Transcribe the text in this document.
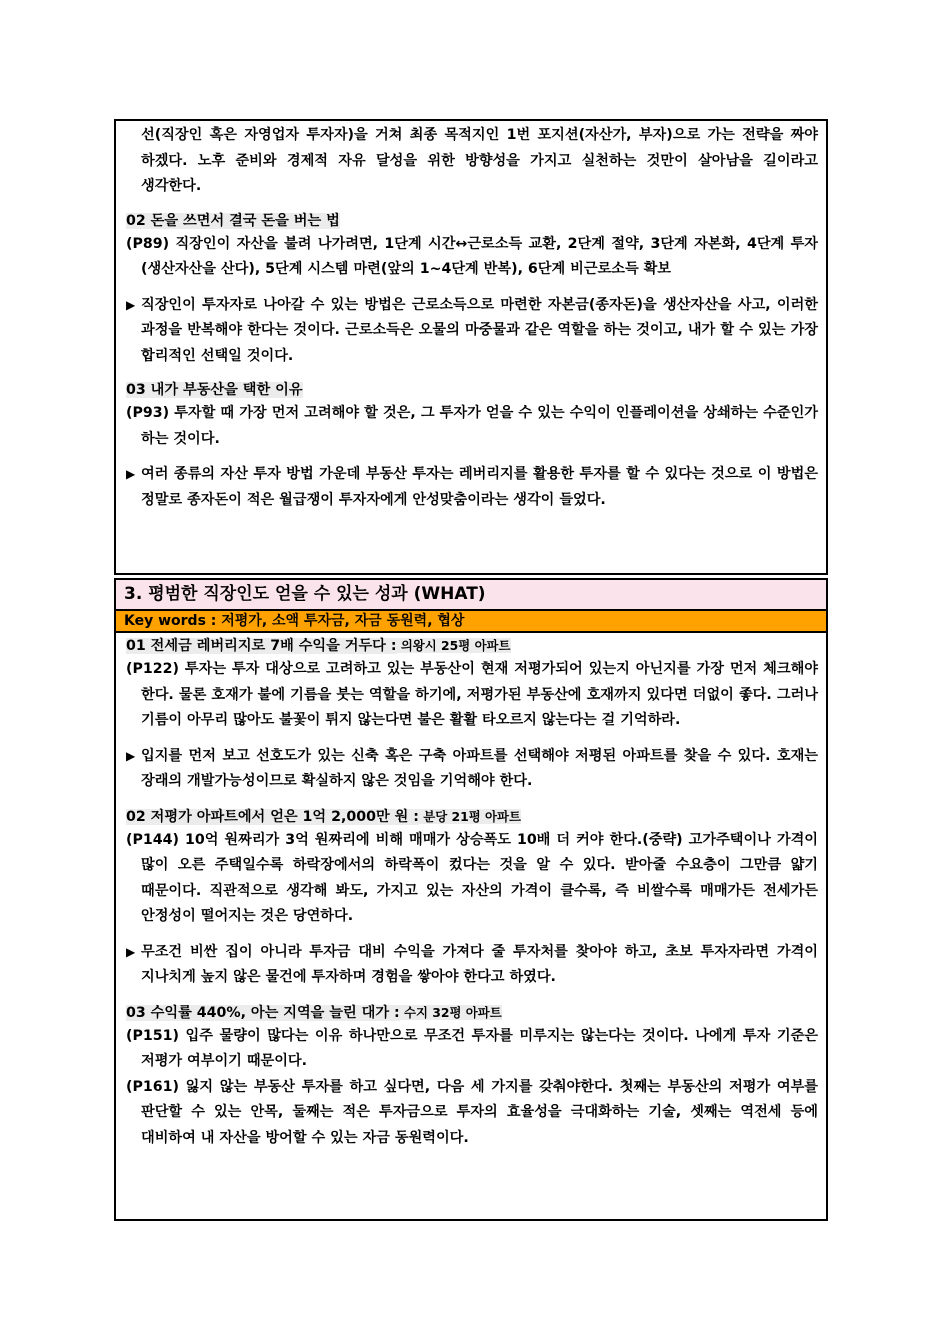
선(직장인 혹은 자영업자 투자자)을 거쳐 최종 목적지인 1번 포지션(자산가, 부자)으로 가는 전략을 짜야 하겠다. 노후 준비와 경제적 자유 달성을 위한 방향성을 가지고 실천하는 것만이 살아남을 길이라고 생각한다.
02 돈을 쓰면서 결국 돈을 버는 법
(P89) 직장인이 자산을 불려 나가려면, 1단계 시간↔근로소득 교환, 2단계 절약, 3단계 자본화, 4단계 투자(생산자산을 산다), 5단계 시스템 마련(앞의 1~4단계 반복), 6단계 비근로소득 확보
▶ 직장인이 투자자로 나아갈 수 있는 방법은 근로소득으로 마련한 자본금(종자돈)을 생산자산을 사고, 이러한 과정을 반복해야 한다는 것이다. 근로소득은 오물의 마중물과 같은 역할을 하는 것이고, 내가 할 수 있는 가장 합리적인 선택일 것이다.
03 내가 부동산을 택한 이유
(P93) 투자할 때 가장 먼저 고려해야 할 것은, 그 투자가 얻을 수 있는 수익이 인플레이션을 상쇄하는 수준인가 하는 것이다.
▶ 여러 종류의 자산 투자 방법 가운데 부동산 투자는 레버리지를 활용한 투자를 할 수 있다는 것으로 이 방법은 정말로 종자돈이 적은 월급쟁이 투자자에게 안성맞춤이라는 생각이 들었다.
3. 평범한 직장인도 얻을 수 있는 성과 (WHAT)
Key words : 저평가, 소액 투자금, 자금 동원력, 협상
01 전세금 레버리지로 7배 수익을 거두다 : 의왕시 25평 아파트
(P122) 투자는 투자 대상으로 고려하고 있는 부동산이 현재 저평가되어 있는지 아닌지를 가장 먼저 체크해야 한다. 물론 호재가 불에 기름을 붓는 역할을 하기에, 저평가된 부동산에 호재까지 있다면 더없이 좋다. 그러나 기름이 아무리 많아도 불꽃이 튀지 않는다면 불은 활활 타오르지 않는다는 걸 기억하라.
▶ 입지를 먼저 보고 선호도가 있는 신축 혹은 구축 아파트를 선택해야 저평된 아파트를 찾을 수 있다. 호재는 장래의 개발가능성이므로 확실하지 않은 것임을 기억해야 한다.
02 저평가 아파트에서 얻은 1억 2,000만 원 : 분당 21평 아파트
(P144) 10억 원짜리가 3억 원짜리에 비해 매매가 상승폭도 10배 더 커야 한다.(중략) 고가주택이나 가격이 많이 오른 주택일수록 하락장에서의 하락폭이 컸다는 것을 알 수 있다. 받아줄 수요층이 그만큼 얇기 때문이다. 직관적으로 생각해 봐도, 가지고 있는 자산의 가격이 클수록, 즉 비쌀수록 매매가든 전세가든 안정성이 떨어지는 것은 당연하다.
▶ 무조건 비싼 집이 아니라 투자금 대비 수익을 가져다 줄 투자처를 찾아야 하고, 초보 투자자라면 가격이 지나치게 높지 않은 물건에 투자하며 경험을 쌓아야 한다고 하였다.
03 수익률 440%, 아는 지역을 늘린 대가 : 수지 32평 아파트
(P151) 입주 물량이 많다는 이유 하나만으로 무조건 투자를 미루지는 않는다는 것이다. 나에게 투자 기준은 저평가 여부이기 때문이다.
(P161) 잃지 않는 부동산 투자를 하고 싶다면, 다음 세 가지를 갖춰야한다. 첫째는 부동산의 저평가 여부를 판단할 수 있는 안목, 둘째는 적은 투자금으로 투자의 효율성을 극대화하는 기술, 셋째는 역전세 등에 대비하여 내 자산을 방어할 수 있는 자금 동원력이다.
